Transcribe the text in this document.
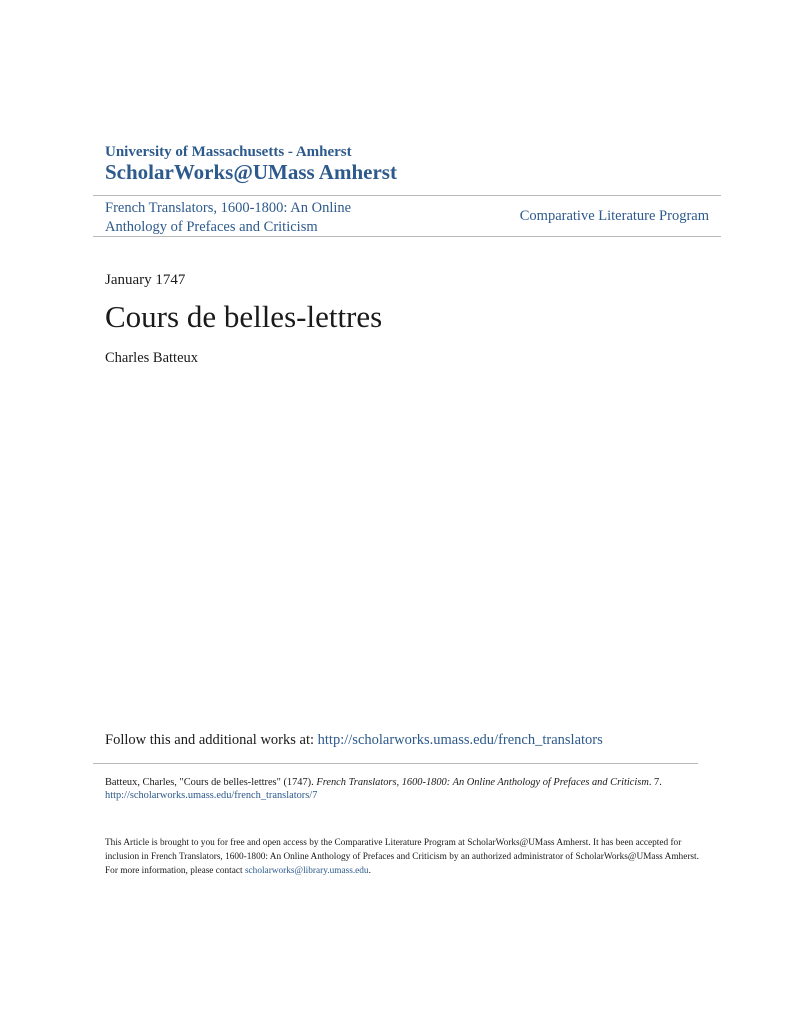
University of Massachusetts - Amherst
ScholarWorks@UMass Amherst
French Translators, 1600-1800: An Online
Anthology of Prefaces and Criticism
Comparative Literature Program
January 1747
Cours de belles-lettres
Charles Batteux
Follow this and additional works at: http://scholarworks.umass.edu/french_translators
Batteux, Charles, "Cours de belles-lettres" (1747). French Translators, 1600-1800: An Online Anthology of Prefaces and Criticism. 7.
http://scholarworks.umass.edu/french_translators/7
This Article is brought to you for free and open access by the Comparative Literature Program at ScholarWorks@UMass Amherst. It has been accepted for inclusion in French Translators, 1600-1800: An Online Anthology of Prefaces and Criticism by an authorized administrator of ScholarWorks@UMass Amherst. For more information, please contact scholarworks@library.umass.edu.
